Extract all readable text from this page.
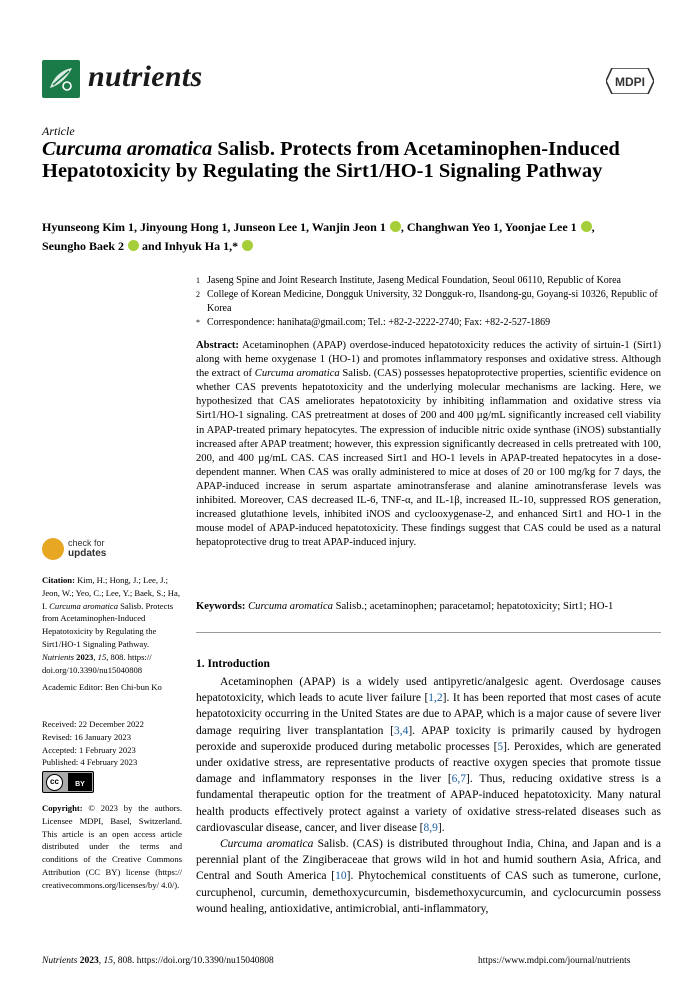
nutrients	MDPI
Article
Curcuma aromatica Salisb. Protects from Acetaminophen-Induced Hepatotoxicity by Regulating the Sirt1/HO-1 Signaling Pathway
Hyunseong Kim 1, Jinyoung Hong 1, Junseon Lee 1, Wanjin Jeon 1 , Changhwan Yeo 1, Yoonjae Lee 1 ,
Seungho Baek 2  and Inhyuk Ha 1,*
1 Jaseng Spine and Joint Research Institute, Jaseng Medical Foundation, Seoul 06110, Republic of Korea
2 College of Korean Medicine, Dongguk University, 32 Dongguk-ro, Ilsandong-gu, Goyang-si 10326, Republic of Korea
* Correspondence: hanihata@gmail.com; Tel.: +82-2-2222-2740; Fax: +82-2-527-1869
Abstract: Acetaminophen (APAP) overdose-induced hepatotoxicity reduces the activity of sirtuin-1 (Sirt1) along with heme oxygenase 1 (HO-1) and promotes inflammatory responses and oxidative stress. Although the extract of Curcuma aromatica Salisb. (CAS) possesses hepatoprotective properties, scientific evidence on whether CAS prevents hepatotoxicity and the underlying molecular mechanisms are lacking. Here, we hypothesized that CAS ameliorates hepatotoxicity by inhibiting inflammation and oxidative stress via Sirt1/HO-1 signaling. CAS pretreatment at doses of 200 and 400 µg/mL significantly increased cell viability in APAP-treated primary hepatocytes. The expression of inducible nitric oxide synthase (iNOS) substantially increased after APAP treatment; however, this expression significantly decreased in cells pretreated with 100, 200, and 400 µg/mL CAS. CAS increased Sirt1 and HO-1 levels in APAP-treated hepatocytes in a dose-dependent manner. When CAS was orally administered to mice at doses of 20 or 100 mg/kg for 7 days, the APAP-induced increase in serum aspartate aminotransferase and alanine aminotransferase levels was inhibited. Moreover, CAS decreased IL-6, TNF-α, and IL-1β, increased IL-10, suppressed ROS generation, increased glutathione levels, inhibited iNOS and cyclooxygenase-2, and enhanced Sirt1 and HO-1 in the mouse model of APAP-induced hepatotoxicity. These findings suggest that CAS could be used as a natural hepatoprotective drug to treat APAP-induced injury.
Keywords: Curcuma aromatica Salisb.; acetaminophen; paracetamol; hepatotoxicity; Sirt1; HO-1
1. Introduction

Acetaminophen (APAP) is a widely used antipyretic/analgesic agent. Overdosage causes hepatotoxicity, which leads to acute liver failure [1,2]. It has been reported that most cases of acute hepatotoxicity occurring in the United States are due to APAP, which is a major cause of severe liver damage requiring liver transplantation [3,4]. APAP toxicity is primarily caused by hydrogen peroxide and superoxide produced during metabolic processes [5]. Peroxides, which are generated under oxidative stress, are representative products of reactive oxygen species that promote tissue damage and inflammatory responses in the liver [6,7]. Thus, reducing oxidative stress is a fundamental therapeutic option for the treatment of APAP-induced hepatotoxicity. Many natural health products effectively protect against a variety of oxidative stress-related diseases such as cardiovascular disease, cancer, and liver disease [8,9].

Curcuma aromatica Salisb. (CAS) is distributed throughout India, China, and Japan and is a perennial plant of the Zingiberaceae that grows wild in hot and humid southern Asia, Africa, and Central and South America [10]. Phytochemical constituents of CAS such as tumerone, curlone, curcuphenol, curcumin, demethoxycurcumin, bisdemethoxycurcumin, and cyclocurcumin possess wound healing, antioxidative, antimicrobial, anti-inflammatory,

check for
updates
Citation: Kim, H.; Hong, J.; Lee, J.; Jeon, W.; Yeo, C.; Lee, Y.; Baek, S.; Ha, I. Curcuma aromatica Salisb. Protects from Acetaminophen-Induced Hepatotoxicity by Regulating the Sirt1/HO-1 Signaling Pathway. Nutrients 2023, 15, 808. https:// doi.org/10.3390/nu15040808
Academic Editor: Ben Chi-bun Ko
Received: 22 December 2022
Revised: 16 January 2023
Accepted: 1 February 2023
Published: 4 February 2023
cc	BY
Copyright: © 2023 by the authors. Licensee MDPI, Basel, Switzerland. This article is an open access article distributed under the terms and conditions of the Creative Commons Attribution (CC BY) license (https:// creativecommons.org/licenses/by/ 4.0/).
Nutrients 2023, 15, 808. https://doi.org/10.3390/nu15040808	https://www.mdpi.com/journal/nutrients
